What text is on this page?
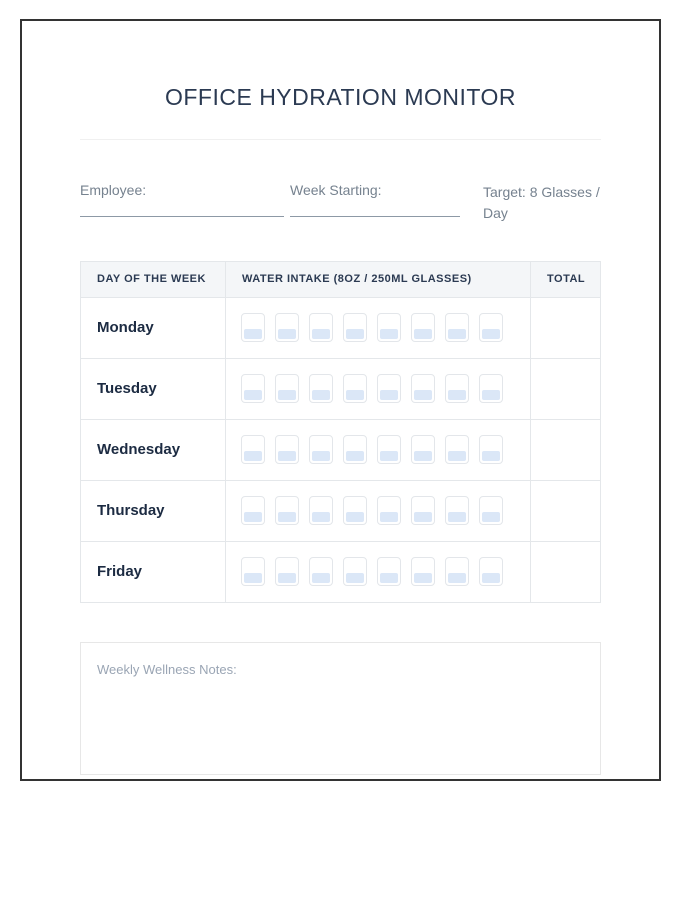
OFFICE HYDRATION MONITOR
Employee:	Week Starting:	Target: 8 Glasses / Day
DAY OF THE WEEK	WATER INTAKE (8OZ / 250ML GLASSES)	TOTAL
Monday	

Tuesday	

Wednesday	

Thursday	

Friday	

Weekly Wellness Notes:
